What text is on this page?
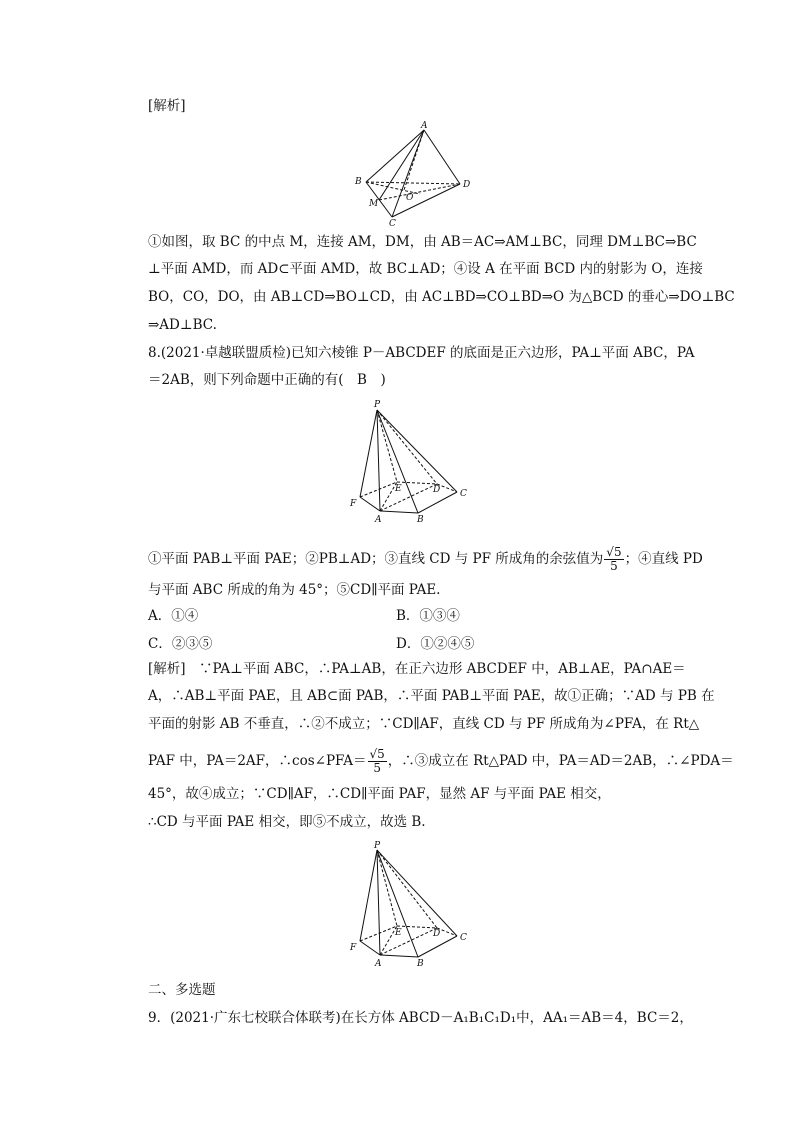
[解析]
A
B
C
D
M
O
①如图，取 BC 的中点 M，连接 AM，DM，由 AB＝AC⇒AM⊥BC，同理 DM⊥BC⇒BC
⊥平面 AMD，而 AD⊂平面 AMD，故 BC⊥AD；④设 A 在平面 BCD 内的射影为 O，连接
BO，CO，DO，由 AB⊥CD⇒BO⊥CD，由 AC⊥BD⇒CO⊥BD⇒O 为△BCD 的垂心⇒DO⊥BC
⇒AD⊥BC.
8.(2021·卓越联盟质检)已知六棱锥 P－ABCDEF 的底面是正六边形，PA⊥平面 ABC，PA
＝2AB，则下列命题中正确的有(　B　)
P
A	B
C
D
E
F
①平面 PAB⊥平面 PAE；②PB⊥AD；③直线 CD 与 PF 所成角的余弦值为 $\frac{√5}{5}$ ；④直线 PD
与平面 ABC 所成的角为 45°；⑤CD∥平面 PAE.
A．①④	B．①③④
C．②③⑤	D．①②④⑤
[解析]　∵PA⊥平面 ABC，∴PA⊥AB，在正六边形 ABCDEF 中，AB⊥AE，PA∩AE＝
A，∴AB⊥平面 PAE，且 AB⊂面 PAB，∴平面 PAB⊥平面 PAE，故①正确；∵AD 与 PB 在
平面的射影 AB 不垂直，∴②不成立；∵CD∥AF，直线 CD 与 PF 所成角为∠PFA，在 Rt△
PAF 中，PA＝2AF，∴cos∠PFA＝ $\frac{√5}{5}$ ，∴③成立在 Rt△PAD 中，PA＝AD＝2AB，∴∠PDA＝
45°，故④成立；∵CD∥AF，∴CD∥平面 PAF，显然 AF 与平面 PAE 相交，
∴CD 与平面 PAE 相交，即⑤不成立，故选 B.
P
A	B
C
D
E
F
二、多选题
9．(2021·广东七校联合体联考)在长方体 ABCD－A₁B₁C₁D₁中，AA₁＝AB＝4，BC＝2，
